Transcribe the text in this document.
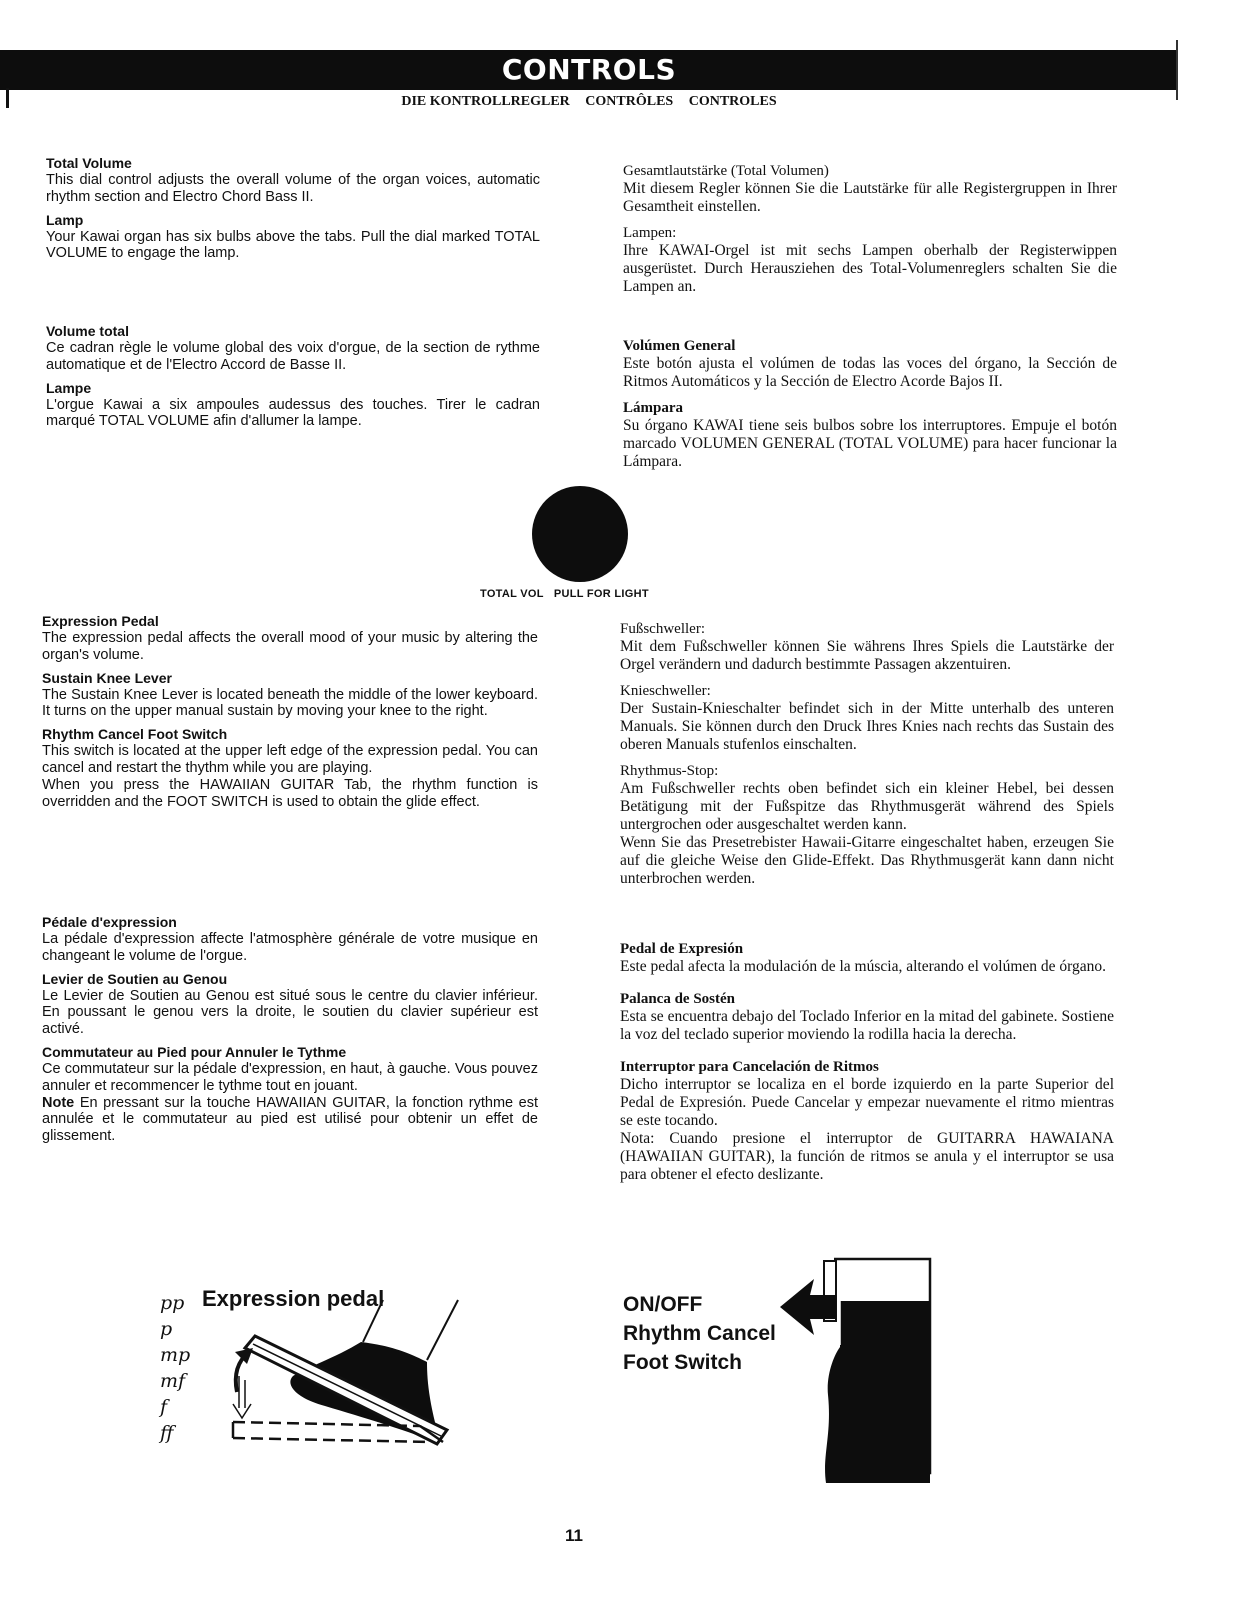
CONTROLS
DIE KONTROLLREGLER CONTRÔLES CONTROLES
Total Volume

This dial control adjusts the overall volume of the organ voices, automatic rhythm section and Electro Chord Bass II.

Lamp

Your Kawai organ has six bulbs above the tabs. Pull the dial marked TOTAL VOLUME to engage the lamp.

Volume total

Ce cadran règle le volume global des voix d'orgue, de la section de rythme automatique et de l'Electro Accord de Basse II.

Lampe

L'orgue Kawai a six ampoules audessus des touches. Tirer le cadran marqué TOTAL VOLUME afin d'allumer la lampe.

Gesamtlautstärke (Total Volumen)

Mit diesem Regler können Sie die Lautstärke für alle Registergruppen in Ihrer Gesamtheit einstellen.

Lampen:

Ihre KAWAI-Orgel ist mit sechs Lampen oberhalb der Registerwippen ausgerüstet. Durch Herausziehen des Total-Volumenreglers schalten Sie die Lampen an.

Volúmen General

Este botón ajusta el volúmen de todas las voces del órgano, la Sección de Ritmos Automáticos y la Sección de Electro Acorde Bajos II.

Lámpara

Su órgano KAWAI tiene seis bulbos sobre los interruptores. Empuje el botón marcado VOLUMEN GENERAL (TOTAL VOLUME) para hacer funcionar la Lámpara.

TOTAL VOL PULL FOR LIGHT
Expression Pedal

The expression pedal affects the overall mood of your music by altering the organ's volume.

Sustain Knee Lever

The Sustain Knee Lever is located beneath the middle of the lower keyboard. It turns on the upper manual sustain by moving your knee to the right.

Rhythm Cancel Foot Switch

This switch is located at the upper left edge of the expression pedal. You can cancel and restart the thythm while you are playing.

When you press the HAWAIIAN GUITAR Tab, the rhythm function is overridden and the FOOT SWITCH is used to obtain the glide effect.

Pédale d'expression

La pédale d'expression affecte l'atmosphère générale de votre musique en changeant le volume de l'orgue.

Levier de Soutien au Genou

Le Levier de Soutien au Genou est situé sous le centre du clavier inférieur. En poussant le genou vers la droite, le soutien du clavier supérieur est activé.

Commutateur au Pied pour Annuler le Tythme

Ce commutateur sur la pédale d'expression, en haut, à gauche. Vous pouvez annuler et recommencer le tythme tout en jouant.

Note En pressant sur la touche HAWAIIAN GUITAR, la fonction rythme est annulée et le commutateur au pied est utilisé pour obtenir un effet de glissement.

Fußschweller:

Mit dem Fußschweller können Sie währens Ihres Spiels die Lautstärke der Orgel verändern und dadurch bestimmte Passagen akzentuiren.

Knieschweller:

Der Sustain-Knieschalter befindet sich in der Mitte unterhalb des unteren Manuals. Sie können durch den Druck Ihres Knies nach rechts das Sustain des oberen Manuals stufenlos einschalten.

Rhythmus-Stop:

Am Fußschweller rechts oben befindet sich ein kleiner Hebel, bei dessen Betätigung mit der Fußspitze das Rhythmusgerät während des Spiels untergrochen oder ausgeschaltet werden kann.

Wenn Sie das Presetrebister Hawaii-Gitarre eingeschaltet haben, erzeugen Sie auf die gleiche Weise den Glide-Effekt. Das Rhythmusgerät kann dann nicht unterbrochen werden.

Pedal de Expresión

Este pedal afecta la modulación de la múscia, alterando el volúmen de órgano.

Palanca de Sostén

Esta se encuentra debajo del Toclado Inferior en la mitad del gabinete. Sostiene la voz del teclado superior moviendo la rodilla hacia la derecha.

Interruptor para Cancelación de Ritmos

Dicho interruptor se localiza en el borde izquierdo en la parte Superior del Pedal de Expresión. Puede Cancelar y empezar nuevamente el ritmo mientras se este tocando.

Nota: Cuando presione el interruptor de GUITARRA HAWAIANA (HAWAIIAN GUITAR), la función de ritmos se anula y el interruptor se usa para obtener el efecto deslizante.

pp
p
mp
mf
f
ff
Expression pedal	ON/OFF
Rhythm Cancel
Foot Switch
11
